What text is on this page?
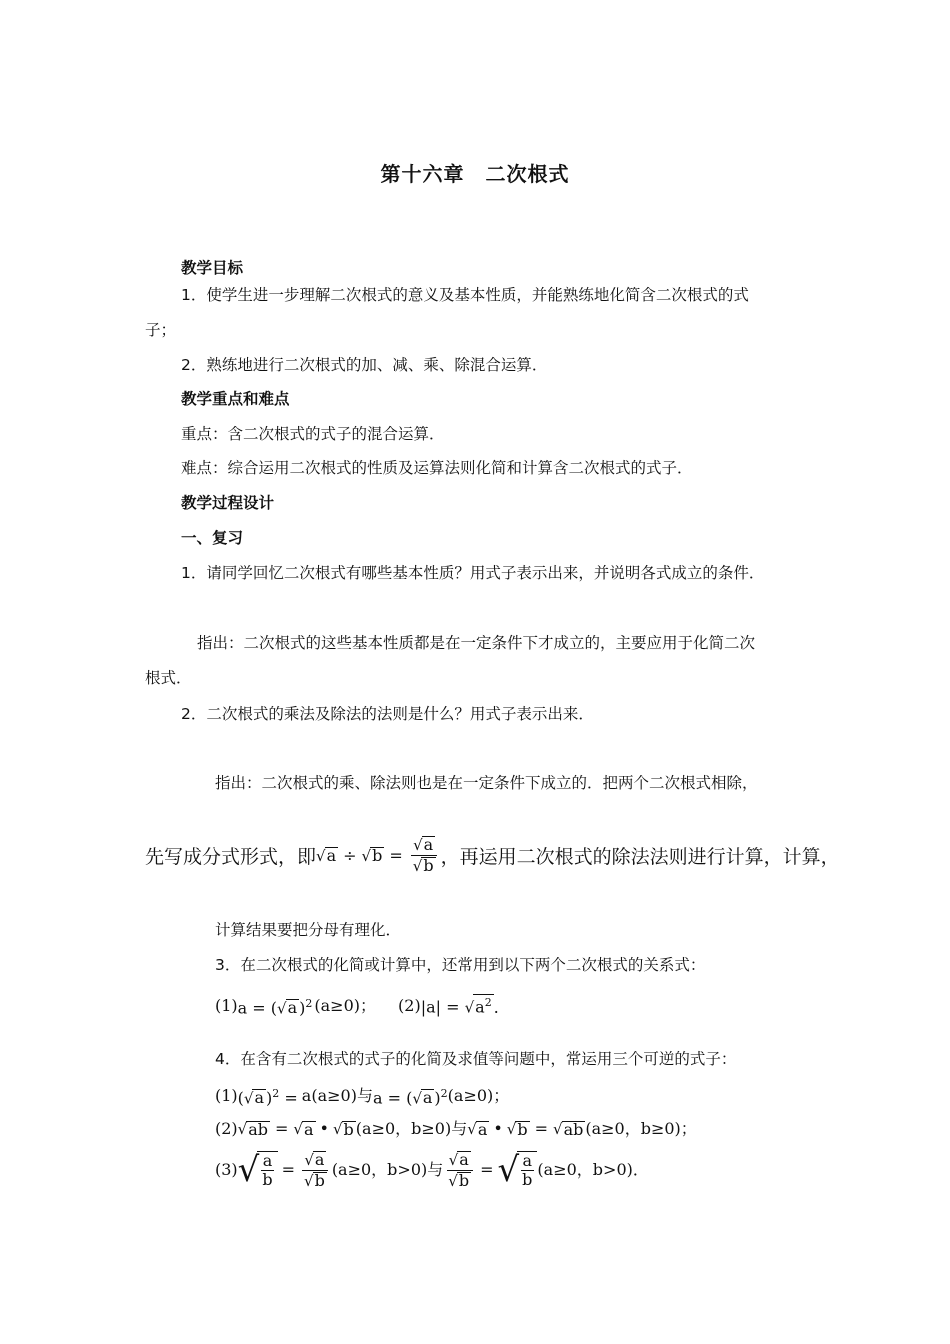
第十六章　二次根式
教学目标
1．使学生进一步理解二次根式的意义及基本性质，并能熟练地化简含二次根式的式
子；
2．熟练地进行二次根式的加、减、乘、除混合运算．
教学重点和难点
重点：含二次根式的式子的混合运算．
难点：综合运用二次根式的性质及运算法则化简和计算含二次根式的式子．
教学过程设计
一、复习
1．请同学回忆二次根式有哪些基本性质？用式子表示出来，并说明各式成立的条件．
指出：二次根式的这些基本性质都是在一定条件下才成立的，主要应用于化简二次
根式．
2．二次根式的乘法及除法的法则是什么？用式子表示出来．
指出：二次根式的乘、除法则也是在一定条件下成立的．把两个二次根式相除，
先写成分式形式，即 √ a ÷ √ $b = \frac{√a}{√b}$ ，再运用二次根式的除法法则进行计算，计算，
计算结果要把分母有理化．
3．在二次根式的化简或计算中，还常用到以下两个二次根式的关系式：
(1) a = (√a )$^2$ (a≥0)； (2) $|a| = √a^2$ ．
4．在含有二次根式的式子的化简及求值等问题中，常运用三个可逆的式子：
(1) (√a )$^2$ = a(a≥0) 与 a = (√a )$^2$ (a≥0)；
(2) √ ab = √ a • √ b (a≥0，b≥0) 与 √ a • √ b = √ ab (a≥0，b≥0)；
(3) √
$\frac{a}{b} = \frac{√a}{√b} (a\ge 0$，b>0) 与 $\frac{√a}{√b}$ = √
$\frac{a}{b} (a\ge 0$，b>0)．
